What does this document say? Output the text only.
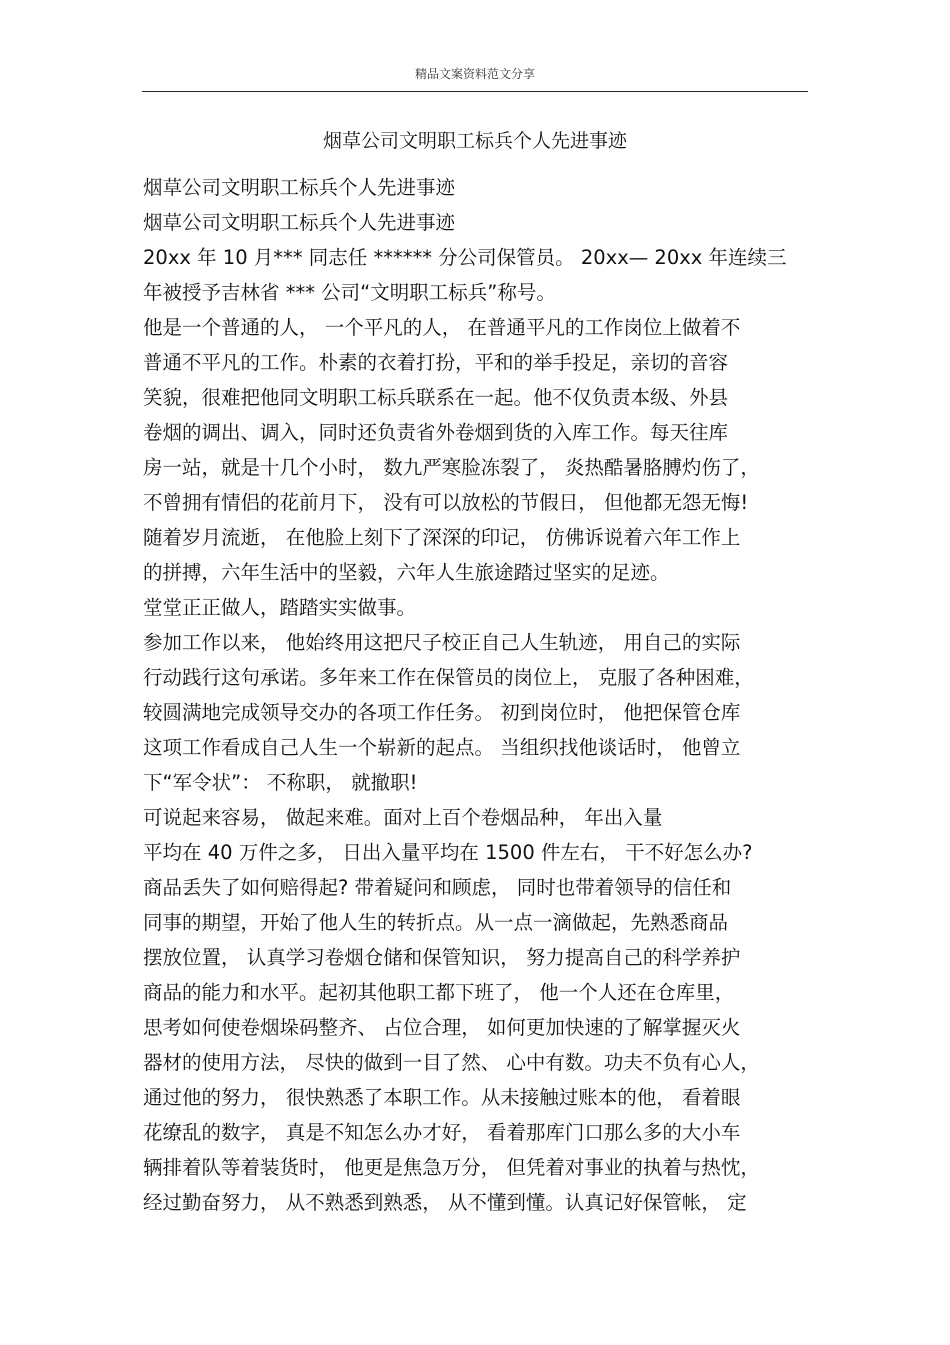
精品文案资料范文分享
烟草公司文明职工标兵个人先进事迹
烟草公司文明职工标兵个人先进事迹
烟草公司文明职工标兵个人先进事迹
20xx 年 10 月*** 同志任 ****** 分公司保管员。 20xx— 20xx 年连续三
年被授予吉林省 *** 公司“文明职工标兵”称号。
他是一个普通的人， 一个平凡的人， 在普通平凡的工作岗位上做着不
普通不平凡的工作。朴素的衣着打扮，平和的举手投足，亲切的音容
笑貌，很难把他同文明职工标兵联系在一起。他不仅负责本级、外县
卷烟的调出、调入，同时还负责省外卷烟到货的入库工作。每天往库
房一站，就是十几个小时， 数九严寒脸冻裂了， 炎热酷暑胳膊灼伤了，
不曾拥有情侣的花前月下， 没有可以放松的节假日， 但他都无怨无悔!
随着岁月流逝， 在他脸上刻下了深深的印记， 仿佛诉说着六年工作上
的拼搏，六年生活中的坚毅，六年人生旅途踏过坚实的足迹。
堂堂正正做人，踏踏实实做事。
参加工作以来， 他始终用这把尺子校正自己人生轨迹， 用自己的实际
行动践行这句承诺。多年来工作在保管员的岗位上， 克服了各种困难，
较圆满地完成领导交办的各项工作任务。 初到岗位时， 他把保管仓库
这项工作看成自己人生一个崭新的起点。 当组织找他谈话时， 他曾立
下“军令状”： 不称职， 就撤职!
可说起来容易， 做起来难。面对上百个卷烟品种， 年出入量
平均在 40 万件之多， 日出入量平均在 1500 件左右， 干不好怎么办?
商品丢失了如何赔得起? 带着疑问和顾虑， 同时也带着领导的信任和
同事的期望，开始了他人生的转折点。从一点一滴做起，先熟悉商品
摆放位置， 认真学习卷烟仓储和保管知识， 努力提高自己的科学养护
商品的能力和水平。起初其他职工都下班了， 他一个人还在仓库里，
思考如何使卷烟垛码整齐、 占位合理， 如何更加快速的了解掌握灭火
器材的使用方法， 尽快的做到一目了然、 心中有数。功夫不负有心人，
通过他的努力， 很快熟悉了本职工作。从未接触过账本的他， 看着眼
花缭乱的数字， 真是不知怎么办才好， 看着那库门口那么多的大小车
辆排着队等着装货时， 他更是焦急万分， 但凭着对事业的执着与热忱，
经过勤奋努力， 从不熟悉到熟悉， 从不懂到懂。认真记好保管帐， 定
